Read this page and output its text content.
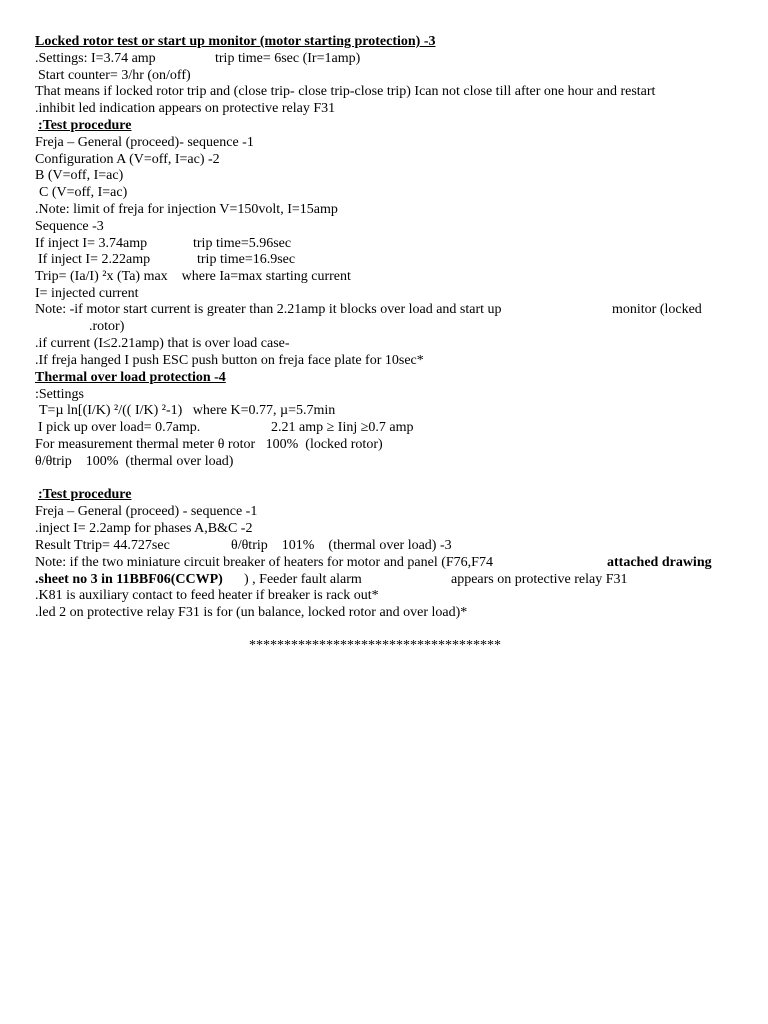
Locked rotor test or start up monitor (motor starting protection) -3
.Settings: I=3.74 amp	trip time= 6sec (Ir=1amp)
Start counter= 3/hr (on/off)
That means if locked rotor trip and (close trip- close trip-close trip) Ican not close till after one hour and restart
.inhibit led indication appears on protective relay F31
:Test procedure
Freja – General (proceed)- sequence -1
Configuration A (V=off, I=ac) -2
B (V=off, I=ac)
C (V=off, I=ac)
.Note: limit of freja for injection V=150volt, I=15amp
Sequence -3
If inject I= 3.74amp	trip time=5.96sec
If inject I= 2.22amp	trip time=16.9sec
Trip= (Ia/I) ²x (Ta) max    where Ia=max starting current
I= injected current
Note: -if motor start current is greater than 2.21amp it blocks over load and start up	monitor (locked
.rotor)
.if current (I≤2.21amp) that is over load case-
.If freja hanged I push ESC push button on freja face plate for 10sec*
Thermal over load protection -4
:Settings
T=µ ln[(I/K) ²/(( I/K) ²-1)   where K=0.77, µ=5.7min
I pick up over load= 0.7amp.	2.21 amp ≥ Iinj ≥0.7 amp
For measurement thermal meter θ rotor   100%  (locked rotor)
θ/θtrip    100%  (thermal over load)
:Test procedure
Freja – General (proceed) - sequence -1
.inject I= 2.2amp for phases A,B&C -2
Result Ttrip= 44.727sec	θ/θtrip    101%    (thermal over load) -3
Note: if the two miniature circuit breaker of heaters for motor and panel (F76,F74	attached drawing
.sheet no 3 in 11BBF06(CCWP) ) , Feeder fault alarm	appears on protective relay F31
.K81 is auxiliary contact to feed heater if breaker is rack out*
.led 2 on protective relay F31 is for (un balance, locked rotor and over load)*
************************************
